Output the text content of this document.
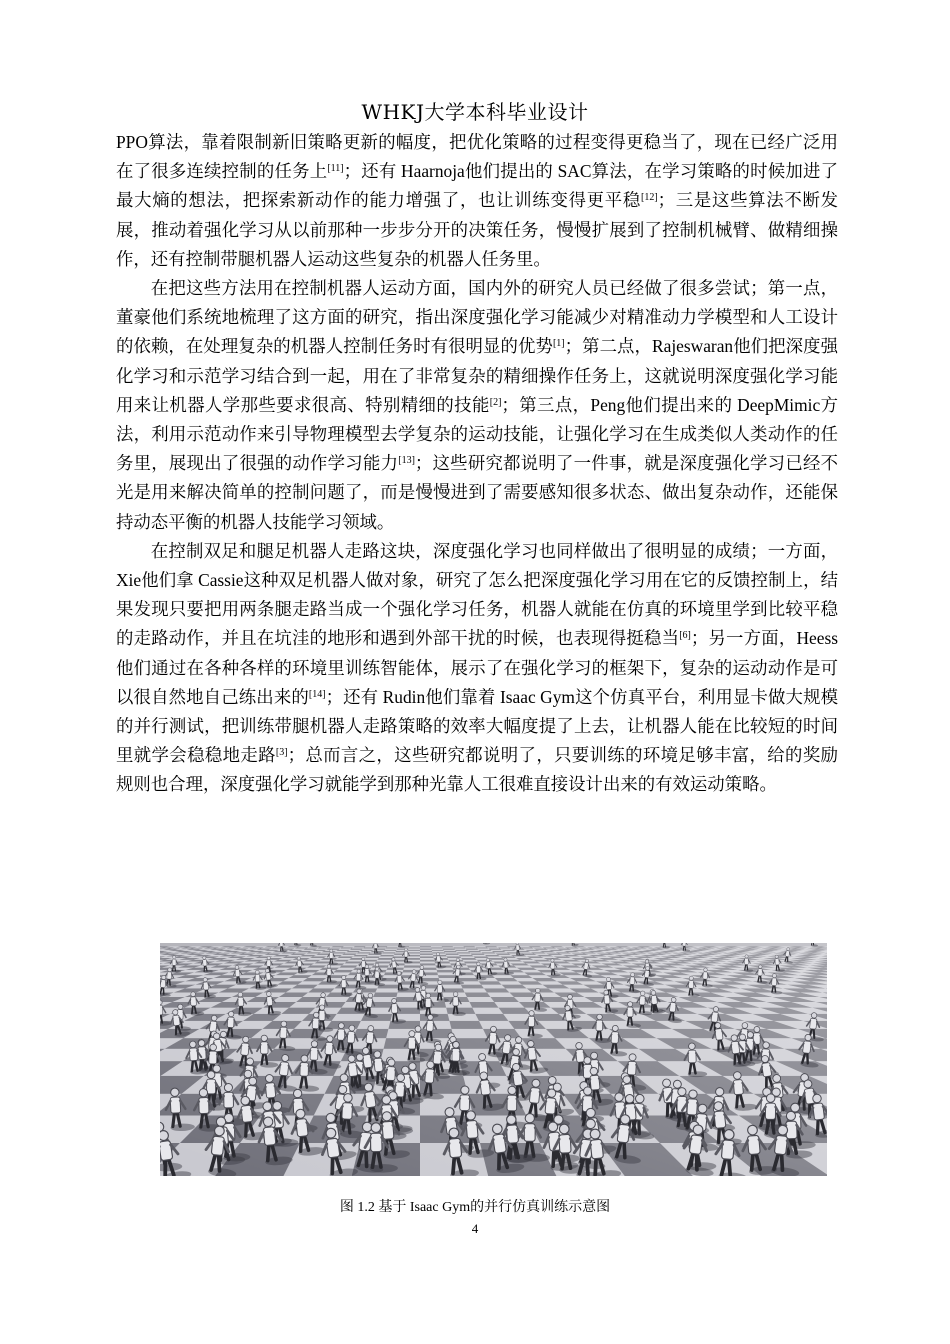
WHKJ大学本科毕业设计

PPO算法，靠着限制新旧策略更新的幅度，把优化策略的过程变得更稳当了，现在已经广泛用在了很多连续控制的任务上[11]；还有 Haarnoja他们提出的 SAC算法，在学习策略的时候加进了最大熵的想法，把探索新动作的能力增强了，也让训练变得更平稳[12]；三是这些算法不断发展，推动着强化学习从以前那种一步步分开的决策任务，慢慢扩展到了控制机械臂、做精细操作，还有控制带腿机器人运动这些复杂的机器人任务里。

在把这些方法用在控制机器人运动方面，国内外的研究人员已经做了很多尝试；第一点，董豪他们系统地梳理了这方面的研究，指出深度强化学习能减少对精准动力学模型和人工设计的依赖，在处理复杂的机器人控制任务时有很明显的优势[1]；第二点，Rajeswaran他们把深度强化学习和示范学习结合到一起，用在了非常复杂的精细操作任务上，这就说明深度强化学习能用来让机器人学那些要求很高、特别精细的技能[2]；第三点，Peng他们提出来的 DeepMimic方法，利用示范动作来引导物理模型去学复杂的运动技能，让强化学习在生成类似人类动作的任务里，展现出了很强的动作学习能力[13]；这些研究都说明了一件事，就是深度强化学习已经不光是用来解决简单的控制问题了，而是慢慢进到了需要感知很多状态、做出复杂动作，还能保持动态平衡的机器人技能学习领域。

在控制双足和腿足机器人走路这块，深度强化学习也同样做出了很明显的成绩；一方面，Xie他们拿 Cassie这种双足机器人做对象，研究了怎么把深度强化学习用在它的反馈控制上，结果发现只要把用两条腿走路当成一个强化学习任务，机器人就能在仿真的环境里学到比较平稳的走路动作，并且在坑洼的地形和遇到外部干扰的时候，也表现得挺稳当[6]；另一方面，Heess他们通过在各种各样的环境里训练智能体，展示了在强化学习的框架下，复杂的运动动作是可以很自然地自己练出来的[14]；还有 Rudin他们靠着 Isaac Gym这个仿真平台，利用显卡做大规模的并行测试，把训练带腿机器人走路策略的效率大幅度提了上去，让机器人能在比较短的时间里就学会稳稳地走路[3]；总而言之，这些研究都说明了，只要训练的环境足够丰富，给的奖励规则也合理，深度强化学习就能学到那种光靠人工很难直接设计出来的有效运动策略。

图 1.2 基于 Isaac Gym的并行仿真训练示意图
4
